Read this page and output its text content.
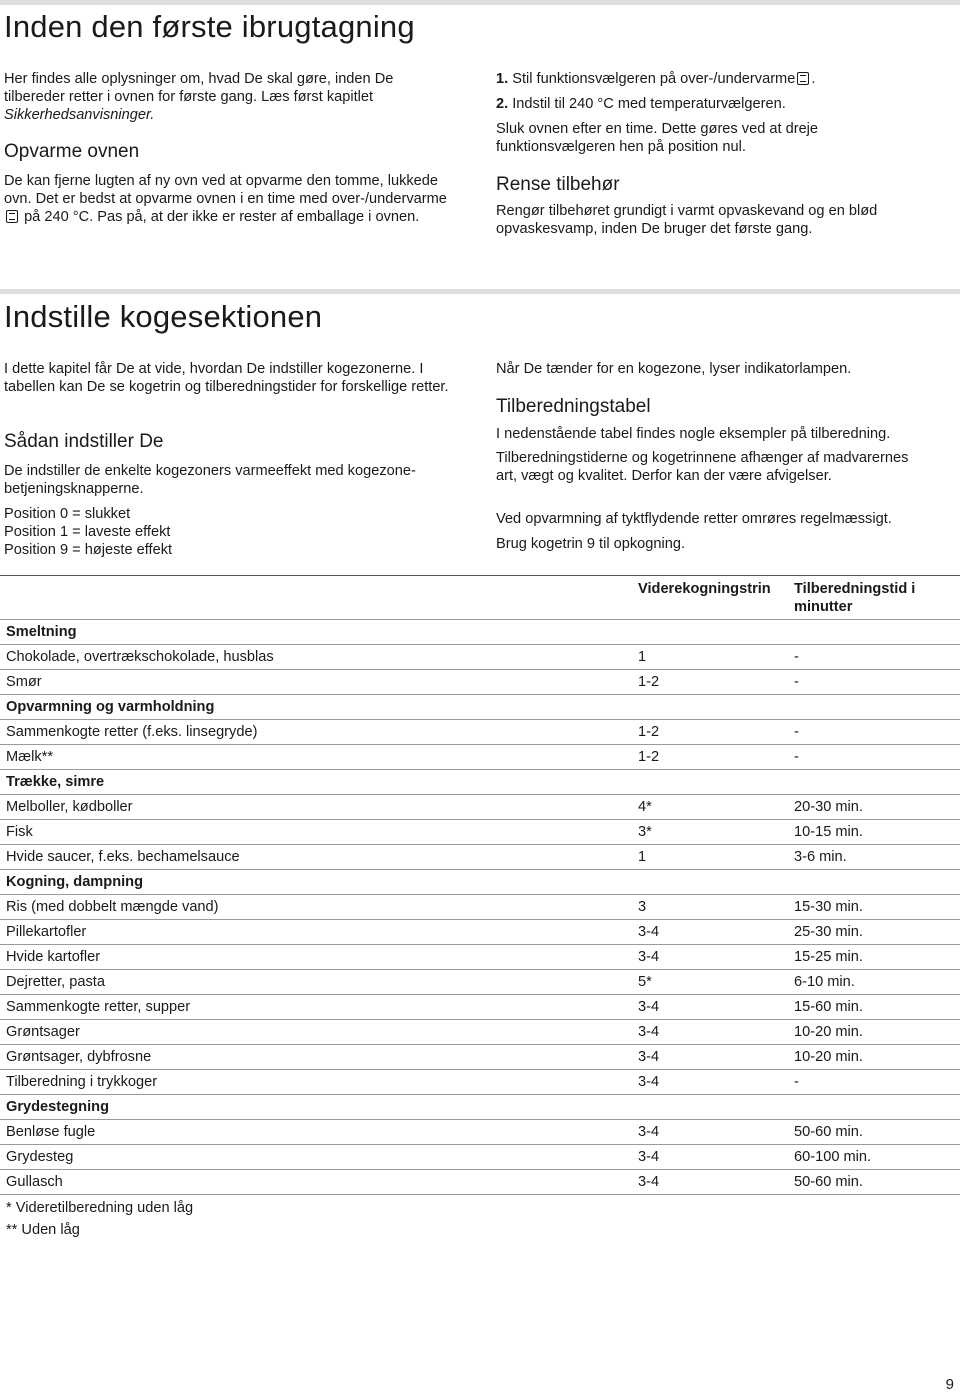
Inden den første ibrugtagning

Her findes alle oplysninger om, hvad De skal gøre, inden De tilbereder retter i ovnen for første gang. Læs først kapitlet Sikkerhedsanvisninger.

Opvarme ovnen

De kan fjerne lugten af ny ovn ved at opvarme den tomme, lukkede ovn. Det er bedst at opvarme ovnen i en time med over-/undervarme  på 240 °C. Pas på, at der ikke er rester af emballage i ovnen.

1. Stil funktionsvælgeren på over-/undervarme .

2. Indstil til 240 °C med temperaturvælgeren.

Sluk ovnen efter en time. Dette gøres ved at dreje funktionsvælgeren hen på position nul.

Rense tilbehør

Rengør tilbehøret grundigt i varmt opvaskevand og en blød opvaskesvamp, inden De bruger det første gang.

Indstille kogesektionen

I dette kapitel får De at vide, hvordan De indstiller kogezonerne. I tabellen kan De se kogetrin og tilberedningstider for forskellige retter.

Sådan indstiller De

De indstiller de enkelte kogezoners varmeeffekt med kogezone-betjeningsknapperne.

Position 0 = slukket

Position 1 = laveste effekt

Position 9 = højeste effekt

Når De tænder for en kogezone, lyser indikatorlampen.

Tilberedningstabel

I nedenstående tabel findes nogle eksempler på tilberedning.

Tilberedningstiderne og kogetrinnene afhænger af madvarernes art, vægt og kvalitet. Derfor kan der være afvigelser.

Ved opvarmning af tyktflydende retter omrøres regelmæssigt.

Brug kogetrin 9 til opkogning.

	Viderekogningstrin	Tilberedningstid i minutter
Smeltning		
Chokolade, overtrækschokolade, husblas	1	-
Smør	1-2	-
Opvarmning og varmholdning		
Sammenkogte retter (f.eks. linsegryde)	1-2	-
Mælk**	1-2	-
Trække, simre		
Melboller, kødboller	4*	20-30 min.
Fisk	3*	10-15 min.
Hvide saucer, f.eks. bechamelsauce	1	3-6 min.
Kogning, dampning		
Ris (med dobbelt mængde vand)	3	15-30 min.
Pillekartofler	3-4	25-30 min.
Hvide kartofler	3-4	15-25 min.
Dejretter, pasta	5*	6-10 min.
Sammenkogte retter, supper	3-4	15-60 min.
Grøntsager	3-4	10-20 min.
Grøntsager, dybfrosne	3-4	10-20 min.
Tilberedning i trykkoger	3-4	-
Grydestegning		
Benløse fugle	3-4	50-60 min.
Grydesteg	3-4	60-100 min.
Gullasch	3-4	50-60 min.
* Videretilberedning uden låg
** Uden låg
9
